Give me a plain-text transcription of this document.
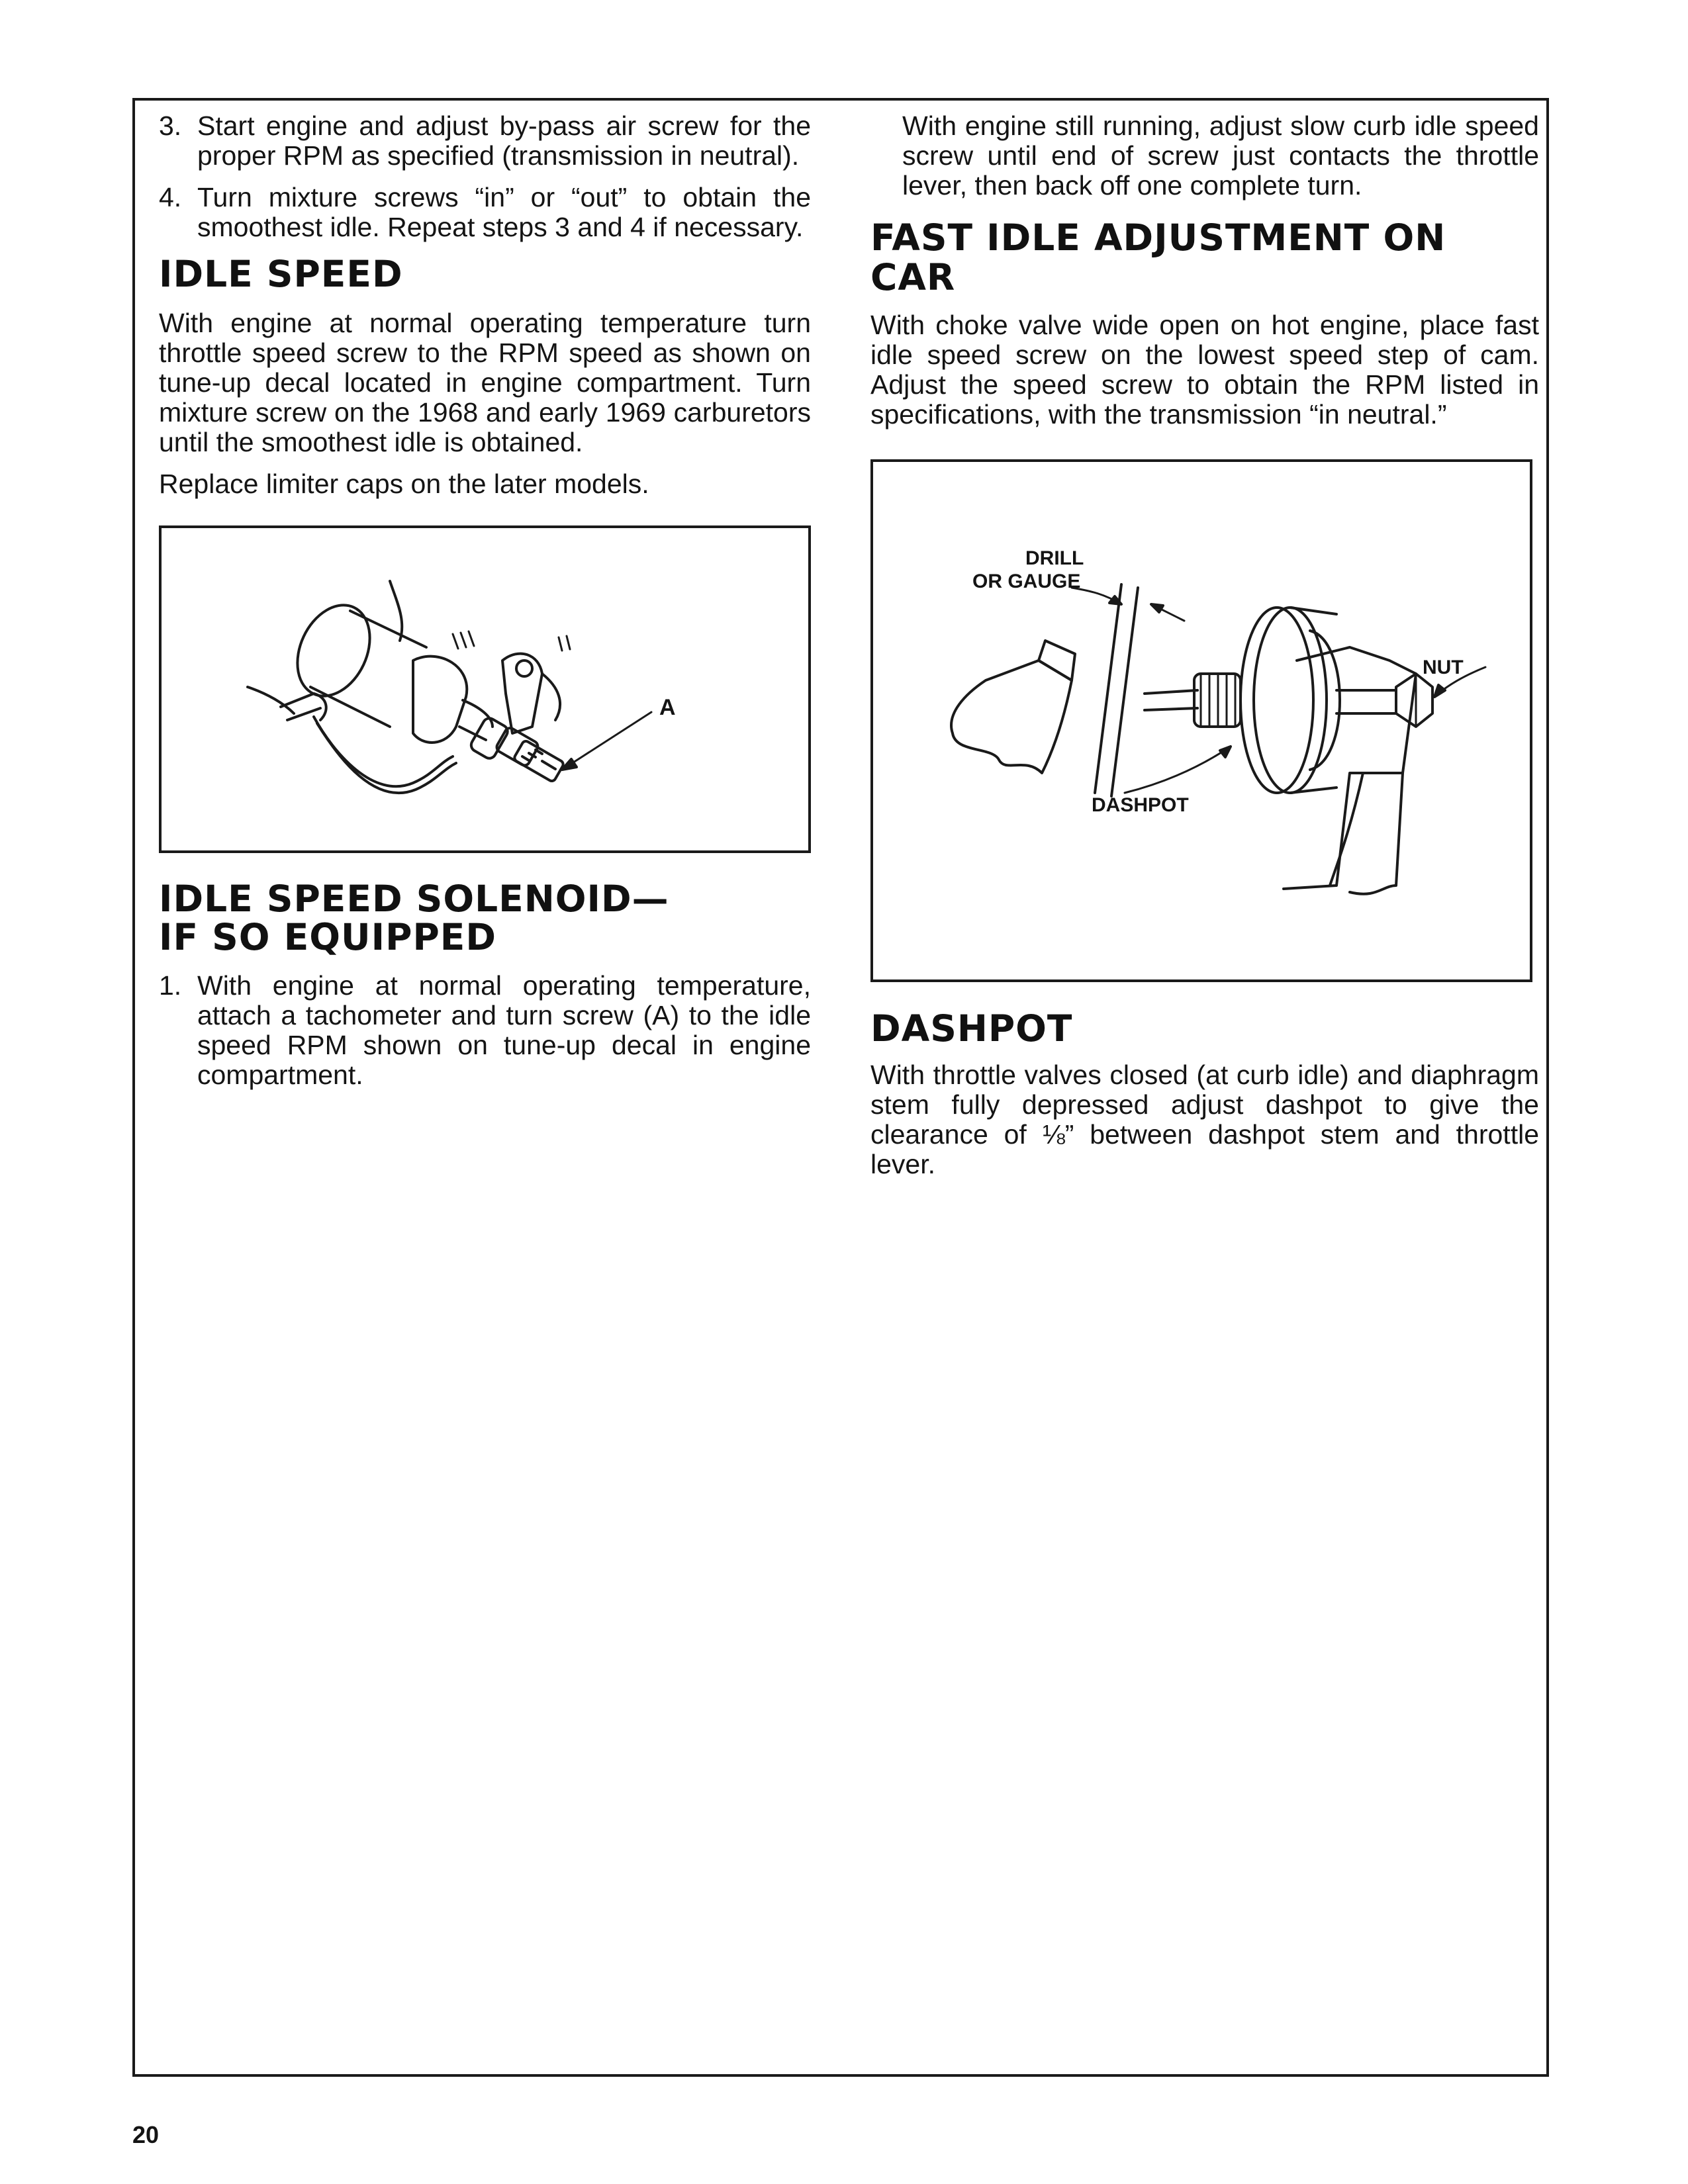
3. Start engine and adjust by-pass air screw for the proper RPM as specified (transmission in neutral).
4. Turn mixture screws “in” or “out” to obtain the smoothest idle. Repeat steps 3 and 4 if necessary.
IDLE SPEED

With engine at normal operating temperature turn throttle speed screw to the RPM speed as shown on tune-up decal located in engine compartment. Turn mixture screw on the 1968 and early 1969 carburetors until the smoothest idle is obtained.

Replace limiter caps on the later models.

A
IDLE SPEED SOLENOID—
IF SO EQUIPPED
1. With engine at normal operating temperature, attach a tachometer and turn screw (A) to the idle speed RPM shown on tune-up decal in engine compartment.

With engine still running, adjust slow curb idle speed screw until end of screw just contacts the throttle lever, then back off one complete turn.

FAST IDLE ADJUSTMENT ON CAR

With choke valve wide open on hot engine, place fast idle speed screw on the lowest speed step of cam. Adjust the speed screw to obtain the RPM listed in specifications, with the transmission “in neutral.”

DRILL
OR GAUGE
NUT
DASHPOT
DASHPOT

With throttle valves closed (at curb idle) and diaphragm stem fully depressed adjust dashpot to give the clearance of ⅛” between dashpot stem and throttle lever.

20
